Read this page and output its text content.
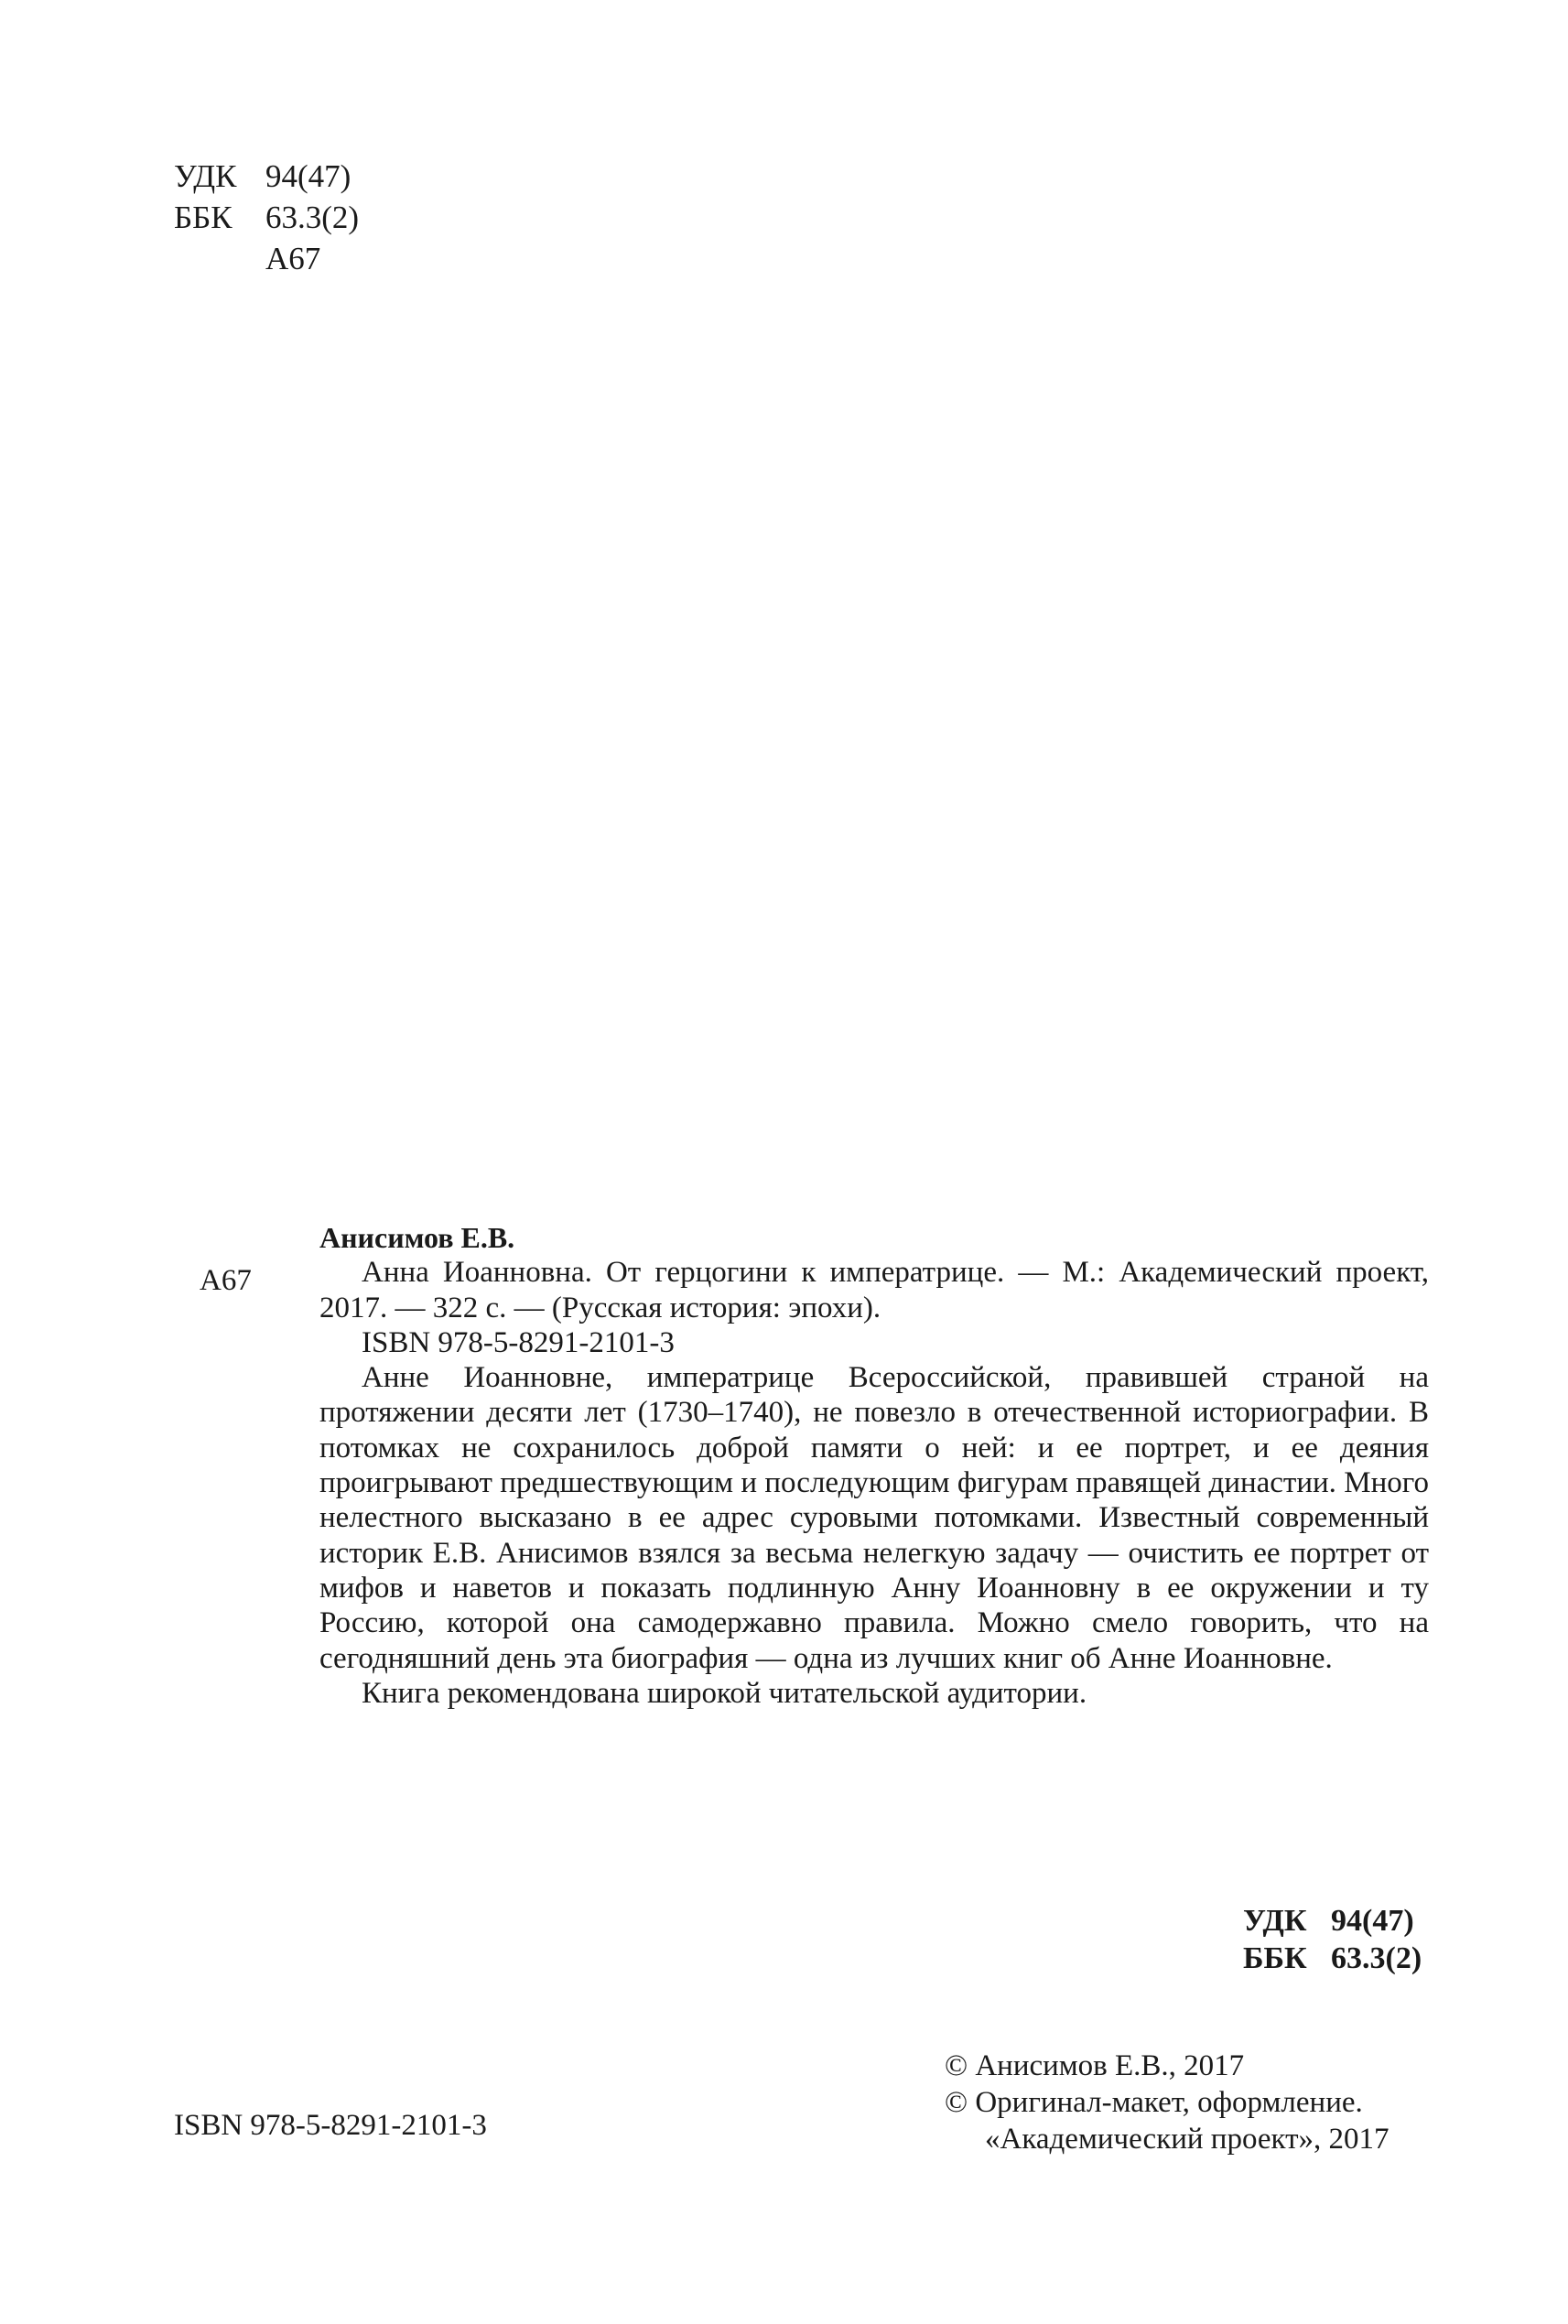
УДК 94(47)
ББК 63.3(2)
А67
А67

Анисимов Е.В.

Анна Иоанновна. От герцогини к императрице. — М.: Академический проект, 2017. — 322 с. — (Русская история: эпохи).

ISBN 978-5-8291-2101-3

Анне Иоанновне, императрице Всероссийской, правившей страной на протяжении десяти лет (1730–1740), не повезло в отечественной историографии. В потомках не сохранилось доброй памяти о ней: и ее портрет, и ее деяния проигрывают предшествующим и последующим фигурам правящей династии. Много нелестного высказано в ее адрес суровыми потомками. Известный современный историк Е.В. Анисимов взялся за весьма нелегкую задачу — очистить ее портрет от мифов и наветов и показать подлинную Анну Иоанновну в ее окружении и ту Россию, которой она самодержавно правила. Можно смело говорить, что на сегодняшний день эта биография — одна из лучших книг об Анне Иоанновне.

Книга рекомендована широкой читательской аудитории.

УДК 94(47)
ББК 63.3(2)
© Анисимов Е.В., 2017
© Оригинал-макет, оформление.
«Академический проект», 2017
ISBN 978-5-8291-2101-3
